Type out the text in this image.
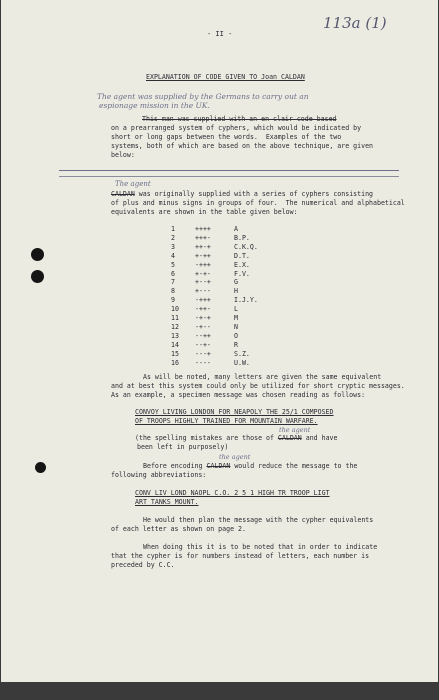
- II -
113a (1)
EXPLANATION OF CODE GIVEN TO Joan CALDAN
The agent was supplied by the Germans to carry out an
espionage mission in the UK.
This man was supplied with an en clair code based
on a prearranged system of cyphers, which would be indicated by
short or long gaps between the words.  Examples of the two
systems, both of which are based on the above technique, are given
below:
The agent
CALDAN was originally supplied with a series of cyphers consisting
of plus and minus signs in groups of four.  The numerical and alphabetical
equivalents are shown in the table given below:
1	++++	A
2	+++-	B.P.
3	++-+	C.K.Q.
4	+-++	D.T.
5	-+++	E.X.
6	+-+-	F.V.
7	+--+	G
8	+---	H
9	-+++	I.J.Y.
10 -++-	L
11 -+-+	M
12 -+--	N
13 --++	O
14 --+-	R
15 ---+	S.Z.
16 ----	U.W.
As will be noted, many letters are given the same equivalent
and at best this system could only be utilized for short cryptic messages.
As an example, a specimen message was chosen reading as follows:
CONVOY LIVING LONDON FOR NEAPOLY THE 25/1 COMPOSED
OF TROOPS HIGHLY TRAINED FOR MOUNTAIN WARFARE.
the agent
(the spelling mistakes are those of CALDAN and have
been left in purposely)
the agent
Before encoding CALDAN would reduce the message to the
following abbreviations:
CONV LIV LOND NAOPL C.O. 2 5 1 HIGH TR TROOP LIGT
ART TANKS MOUNT.
He would then plan the message with the cypher equivalents
of each letter as shown on page 2.
When doing this it is to be noted that in order to indicate
that the cypher is for numbers instead of letters, each number is
preceded by C.C.
